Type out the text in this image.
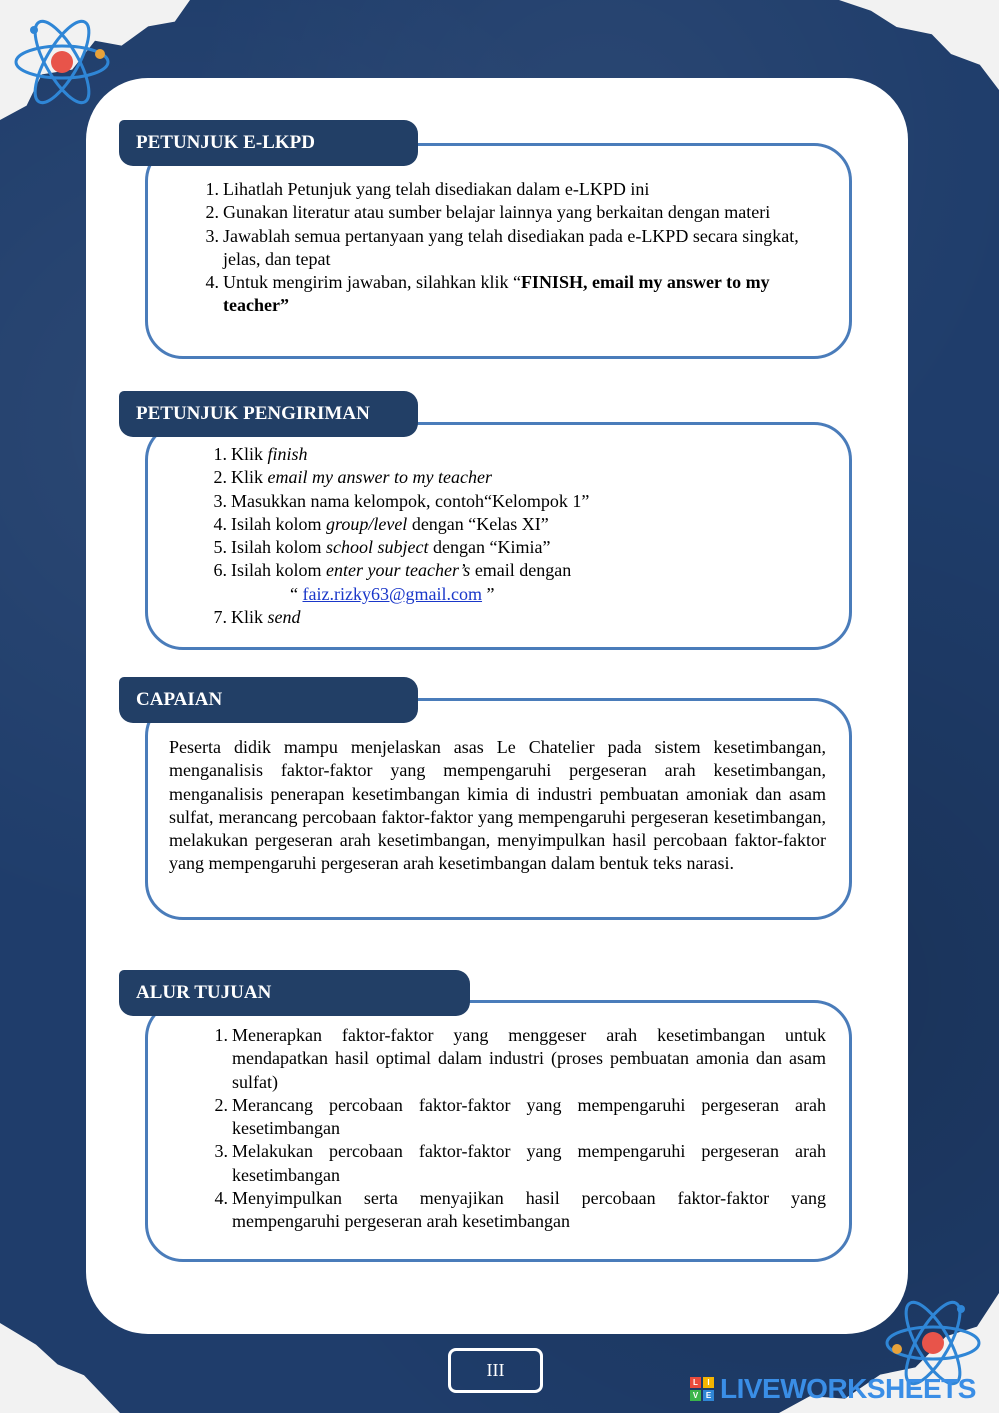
PETUNJUK E-LKPD
1. Lihatlah Petunjuk yang telah disediakan dalam e-LKPD ini
2. Gunakan literatur atau sumber belajar lainnya yang berkaitan dengan materi
3. Jawablah semua pertanyaan yang telah disediakan pada e-LKPD secara singkat, jelas, dan tepat
4. Untuk mengirim jawaban, silahkan klik “FINISH, email my answer to my teacher”
PETUNJUK PENGIRIMAN
1. Klik finish
2. Klik email my answer to my teacher
3. Masukkan nama kelompok, contoh“Kelompok 1”
4. Isilah kolom group/level dengan “Kelas XI”
5. Isilah kolom school subject dengan “Kimia”
6. Isilah kolom enter your teacher’s email dengan
“ faiz.rizky63@gmail.com ”
7. Klik send
CAPAIAN
Peserta didik mampu menjelaskan asas Le Chatelier pada sistem kesetimbangan, menganalisis faktor-faktor yang mempengaruhi pergeseran arah kesetimbangan, menganalisis penerapan kesetimbangan kimia di industri pembuatan amoniak dan asam sulfat, merancang percobaan faktor-faktor yang mempengaruhi pergeseran kesetimbangan, melakukan pergeseran arah kesetimbangan, menyimpulkan hasil percobaan faktor-faktor yang mempengaruhi pergeseran arah kesetimbangan dalam bentuk teks narasi.
ALUR TUJUAN
1. Menerapkan faktor-faktor yang menggeser arah kesetimbangan untuk mendapatkan hasil optimal dalam industri (proses pembuatan amonia dan asam sulfat)
2. Merancang percobaan faktor-faktor yang mempengaruhi pergeseran arah kesetimbangan
3. Melakukan percobaan faktor-faktor yang mempengaruhi pergeseran arah kesetimbangan
4. Menyimpulkan serta menyajikan hasil percobaan faktor-faktor yang mempengaruhi pergeseran arah kesetimbangan
III
L	I
V E LIVEWORKSHEETS
